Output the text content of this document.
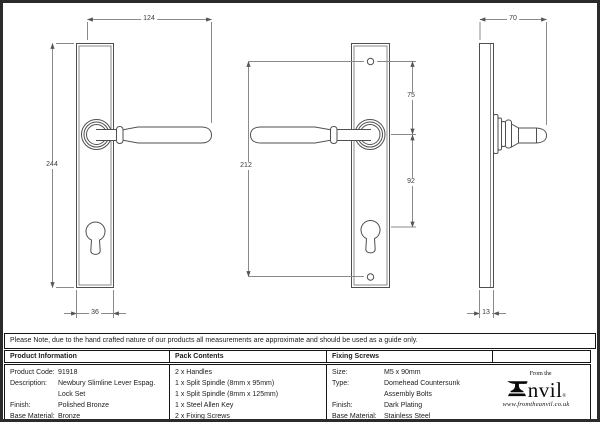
124
244
36
212
75
92
70
13
Please Note, due to the hand crafted nature of our products all measurements are approximate and should be used as a guide only.
Product Information	Pack Contents	Fixing Screws
Product Code: 91918
Description: Newbury Slimline Lever Espag.
Lock Set
Finish:	Polished Bronze
Base Material: Bronze
2 x Handles
1 x Split Spindle (8mm x 95mm)
1 x Split Spindle (8mm x 125mm)
1 x Steel Allen Key
2 x Fixing Screws
Size:	M5 x 90mm
Type:	Domehead Countersunk
Assembly Bolts
Finish:	Dark Plating
Base Material: Stainless Steel
From the
nvil ®
www.fromtheanvil.co.uk
